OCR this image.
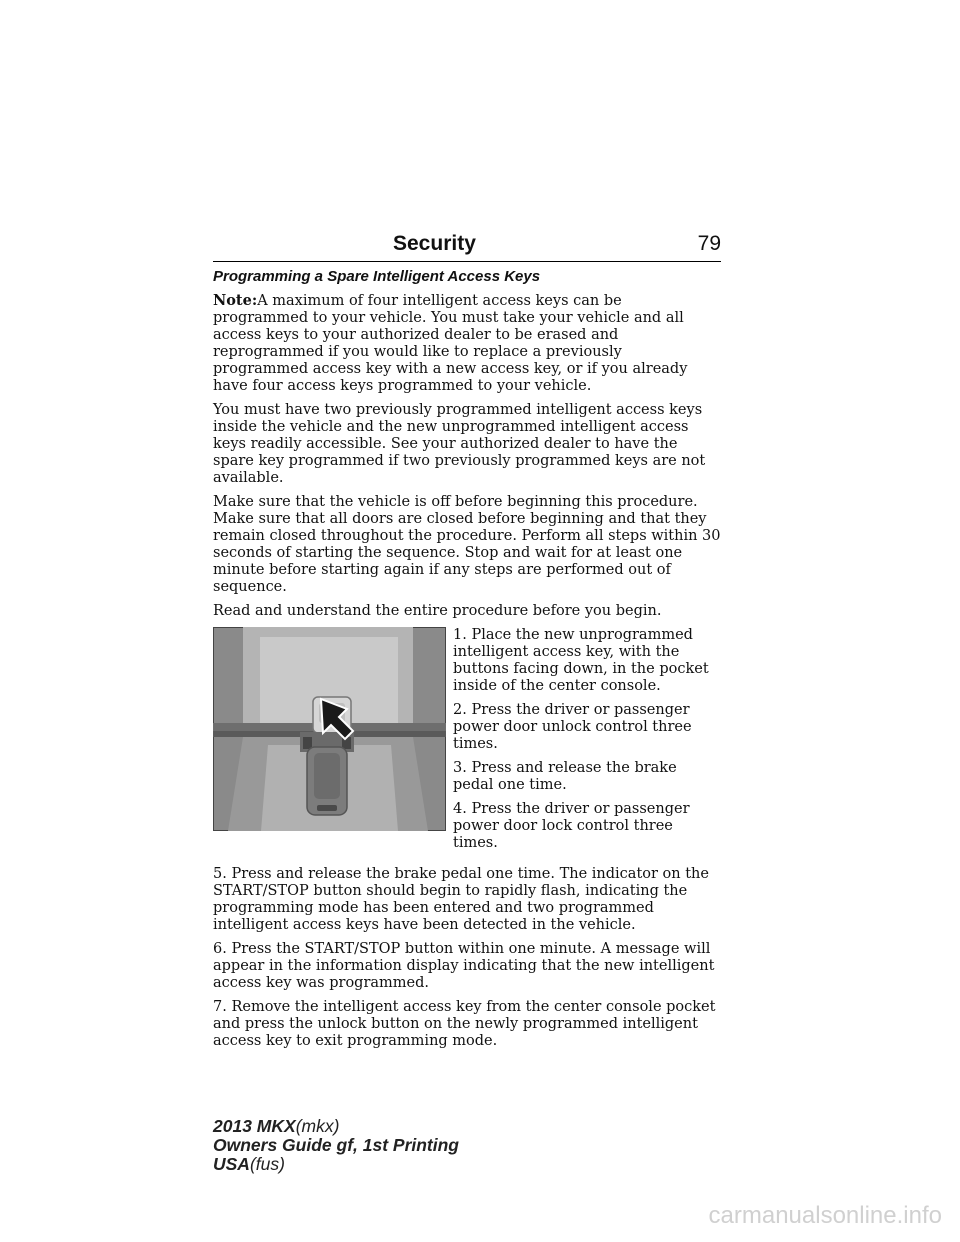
Security	79
Programming a Spare Intelligent Access Keys

Note:A maximum of four intelligent access keys can be programmed to your vehicle. You must take your vehicle and all access keys to your authorized dealer to be erased and reprogrammed if you would like to replace a previously programmed access key with a new access key, or if you already have four access keys programmed to your vehicle.

You must have two previously programmed intelligent access keys inside the vehicle and the new unprogrammed intelligent access keys readily accessible. See your authorized dealer to have the spare key programmed if two previously programmed keys are not available.

Make sure that the vehicle is off before beginning this procedure. Make sure that all doors are closed before beginning and that they remain closed throughout the procedure. Perform all steps within 30 seconds of starting the sequence. Stop and wait for at least one minute before starting again if any steps are performed out of sequence.

Read and understand the entire procedure before you begin.

1. Place the new unprogrammed intelligent access key, with the buttons facing down, in the pocket inside of the center console.

2. Press the driver or passenger power door unlock control three times.

3. Press and release the brake pedal one time.

4. Press the driver or passenger power door lock control three times.

5. Press and release the brake pedal one time. The indicator on the START/STOP button should begin to rapidly flash, indicating the programming mode has been entered and two programmed intelligent access keys have been detected in the vehicle.

6. Press the START/STOP button within one minute. A message will appear in the information display indicating that the new intelligent access key was programmed.

7. Remove the intelligent access key from the center console pocket and press the unlock button on the newly programmed intelligent access key to exit programming mode.

2013 MKX(mkx)
Owners Guide gf, 1st Printing
USA(fus)
carmanualsonline.info
